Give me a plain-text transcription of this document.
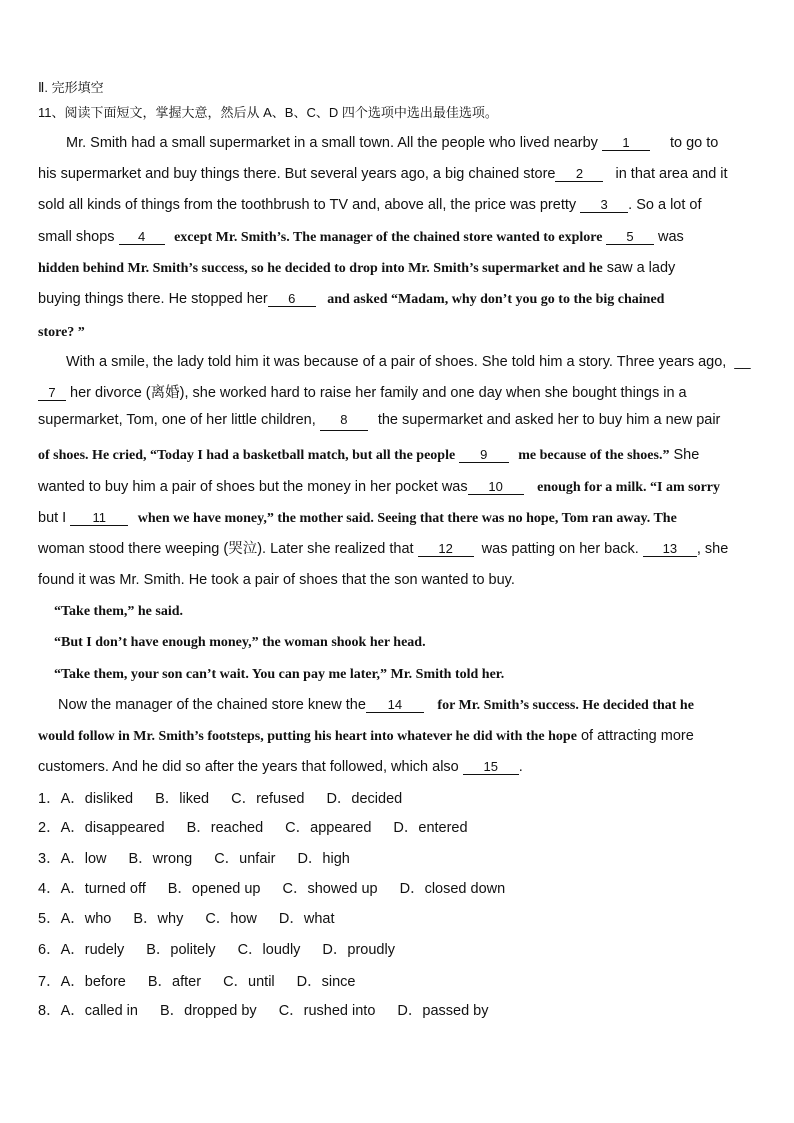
Ⅱ. 完形填空
11、阅读下面短文，掌握大意，然后从 A、B、C、D 四个选项中选出最佳选项。
Mr. Smith had a small supermarket in a small town. All the people who lived nearby 1	to go to
his supermarket and buy things there. But several years ago, a big chained store 2 in that area and it
sold all kinds of things from the toothbrush to TV and, above all, the price was pretty 3 . So a lot of
small shops 4 except Mr. Smith’s. The manager of the chained store wanted to explore 5 was
hidden behind Mr. Smith’s success, so he decided to drop into Mr. Smith’s supermarket and he saw a lady
buying things there. He stopped her 6 and asked “Madam, why don’t you go to the big chained
store? ”
With a smile, the lady told him it was because of a pair of shoes. She told him a story. Three years ago, __
7 her divorce (离婚), she worked hard to raise her family and one day when she bought things in a
supermarket, Tom, one of her little children, 8 the supermarket and asked her to buy him a new pair
of shoes. He cried, “Today I had a basketball match, but all the people 9 me because of the shoes.” She
wanted to buy him a pair of shoes but the money in her pocket was 10 enough for a milk. “I am sorry
but I 11 when we have money,” the mother said. Seeing that there was no hope, Tom ran away. The
woman stood there weeping (哭泣). Later she realized that 12 was patting on her back. 13 , she
found it was Mr. Smith. He took a pair of shoes that the son wanted to buy.
“Take them,” he said.
“But I don’t have enough money,” the woman shook her head.
“Take them, your son can’t wait. You can pay me later,” Mr. Smith told her.
Now the manager of the chained store knew the 14 for Mr. Smith’s success. He decided that he
would follow in Mr. Smith’s footsteps, putting his heart into whatever he did with the hope of attracting more
customers. And he did so after the years that followed, which also 15 .
1．A．disliked B．liked C．refused D．decided
2．A．disappeared B．reached C．appeared D．entered
3．A．low B．wrong C．unfair D．high
4．A．turned off B．opened up C．showed up D．closed down
5．A．who B．why C．how D．what
6．A．rudely B．politely C．loudly D．proudly
7．A．before B．after C．until D．since
8．A．called in B．dropped by C．rushed into D．passed by
